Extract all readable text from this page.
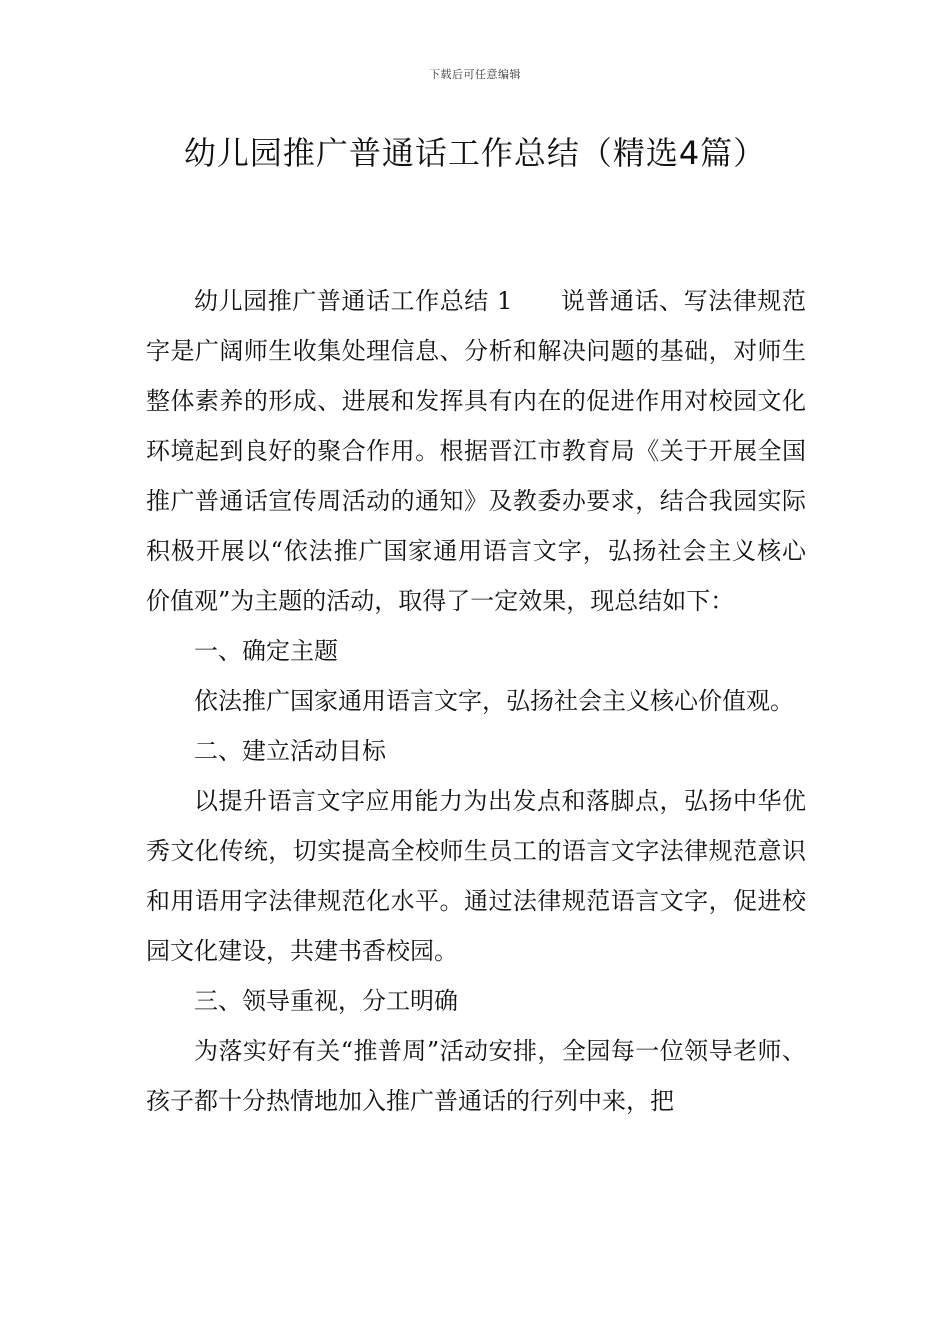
下载后可任意编辑
幼儿园推广普通话工作总结（精选4篇）

幼儿园推广普通话工作总结 1 说普通话、写法律规范字是广阔师生收集处理信息、分析和解决问题的基础，对师生整体素养的形成、进展和发挥具有内在的促进作用对校园文化环境起到良好的聚合作用。根据晋江市教育局《关于开展全国推广普通话宣传周活动的通知》及教委办要求，结合我园实际积极开展以“依法推广国家通用语言文字，弘扬社会主义核心价值观”为主题的活动，取得了一定效果，现总结如下：

一、确定主题

依法推广国家通用语言文字，弘扬社会主义核心价值观。

二、建立活动目标

以提升语言文字应用能力为出发点和落脚点，弘扬中华优秀文化传统，切实提高全校师生员工的语言文字法律规范意识和用语用字法律规范化水平。通过法律规范语言文字，促进校园文化建设，共建书香校园。

三、领导重视，分工明确

为落实好有关“推普周”活动安排，全园每一位领导老师、孩子都十分热情地加入推广普通话的行列中来，把
